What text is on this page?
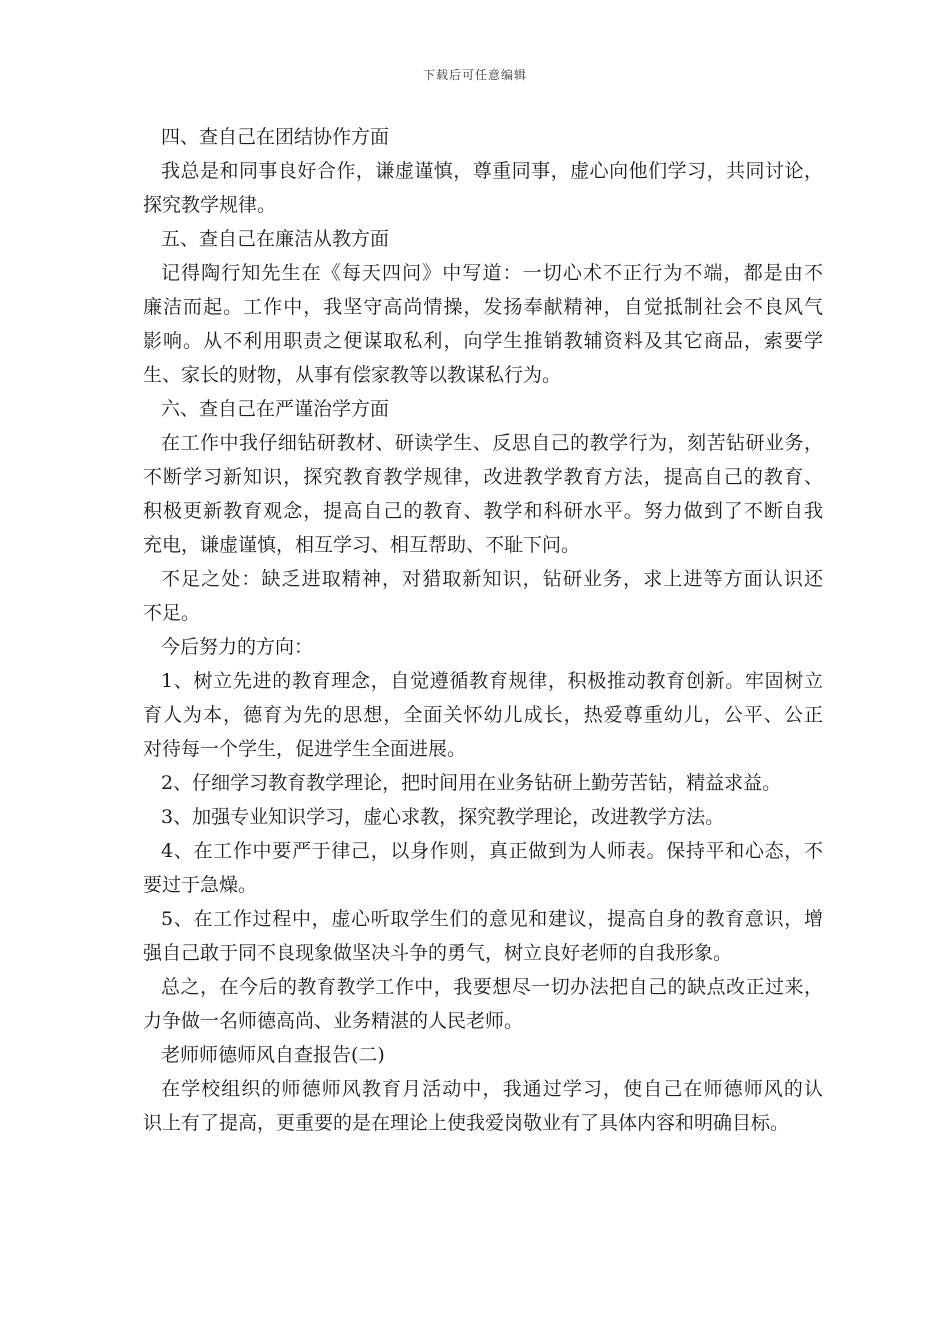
下载后可任意编辑
四、查自己在团结协作方面
我总是和同事良好合作，谦虚谨慎，尊重同事，虚心向他们学习，共同讨论，
探究教学规律。
五、查自己在廉洁从教方面
记得陶行知先生在《每天四问》中写道：一切心术不正行为不端，都是由不
廉洁而起。工作中，我坚守高尚情操，发扬奉献精神，自觉抵制社会不良风气
影响。从不利用职责之便谋取私利，向学生推销教辅资料及其它商品，索要学
生、家长的财物，从事有偿家教等以教谋私行为。
六、查自己在严谨治学方面
在工作中我仔细钻研教材、研读学生、反思自己的教学行为，刻苦钻研业务，
不断学习新知识，探究教育教学规律，改进教学教育方法，提高自己的教育、
积极更新教育观念，提高自己的教育、教学和科研水平。努力做到了不断自我
充电，谦虚谨慎，相互学习、相互帮助、不耻下问。
不足之处：缺乏进取精神，对猎取新知识，钻研业务，求上进等方面认识还
不足。
今后努力的方向：
1、树立先进的教育理念，自觉遵循教育规律，积极推动教育创新。牢固树立
育人为本，德育为先的思想，全面关怀幼儿成长，热爱尊重幼儿，公平、公正
对待每一个学生，促进学生全面进展。
2、仔细学习教育教学理论，把时间用在业务钻研上勤劳苦钻，精益求益。
3、加强专业知识学习，虚心求教，探究教学理论，改进教学方法。
4、在工作中要严于律己，以身作则，真正做到为人师表。保持平和心态，不
要过于急燥。
5、在工作过程中，虚心听取学生们的意见和建议，提高自身的教育意识，增
强自己敢于同不良现象做坚决斗争的勇气，树立良好老师的自我形象。
总之，在今后的教育教学工作中，我要想尽一切办法把自己的缺点改正过来，
力争做一名师德高尚、业务精湛的人民老师。
老师师德师风自查报告(二)
在学校组织的师德师风教育月活动中，我通过学习，使自己在师德师风的认
识上有了提高，更重要的是在理论上使我爱岗敬业有了具体内容和明确目标。
